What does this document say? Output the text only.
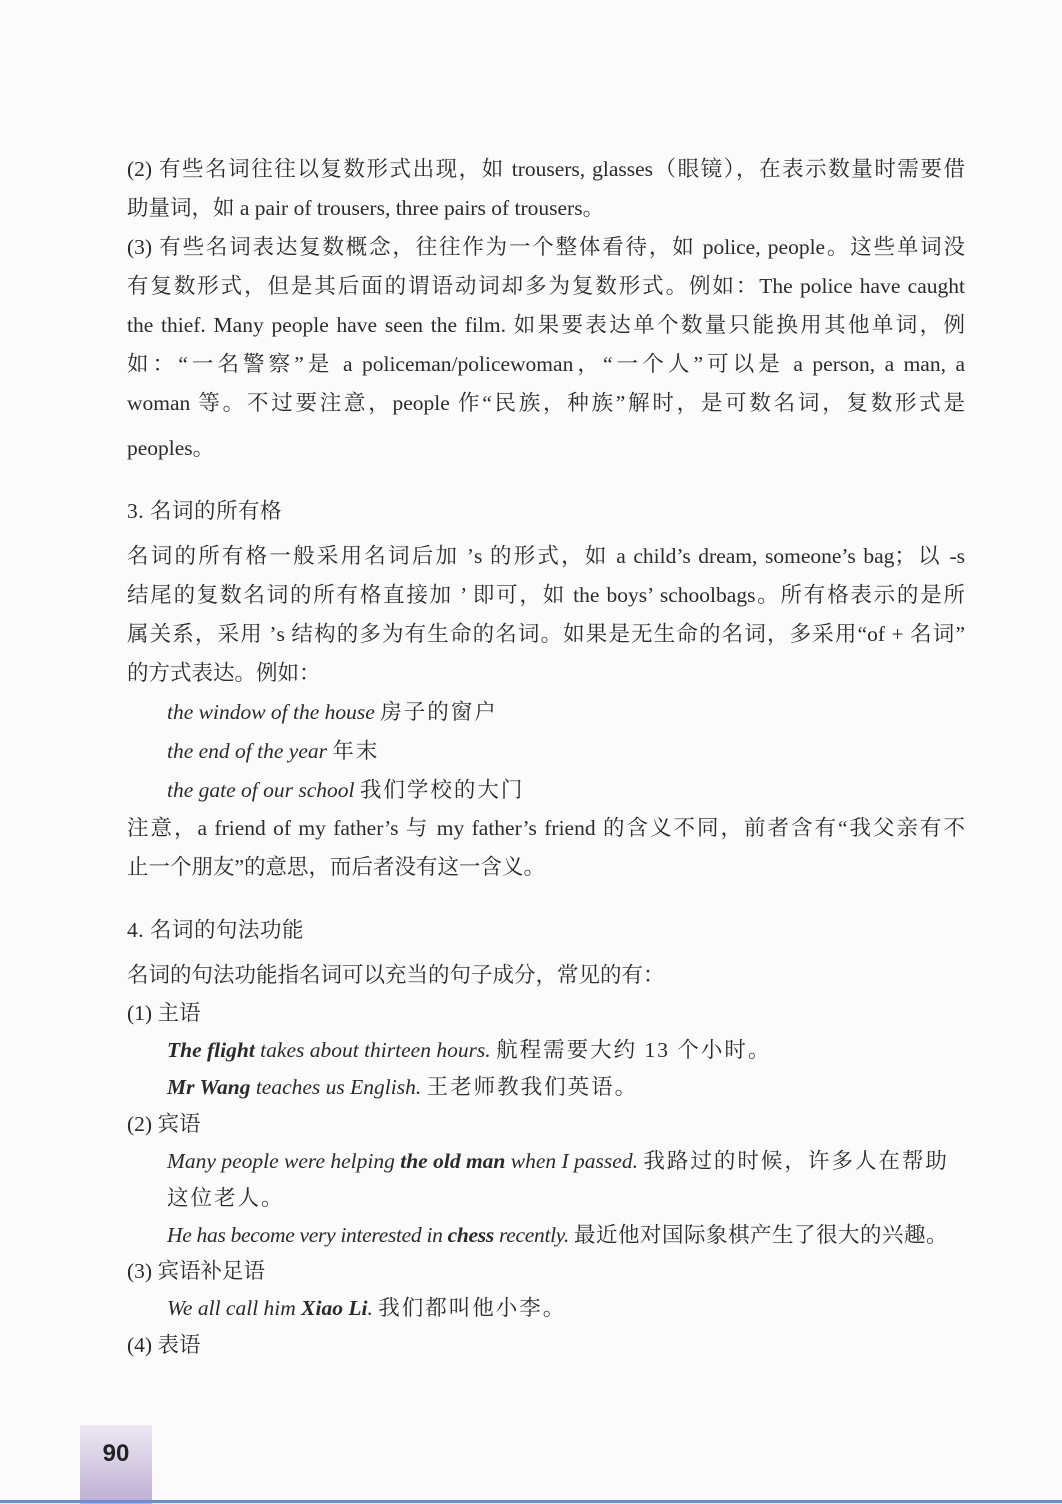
(2) 有些名词往往以复数形式出现，如 trousers, glasses（眼镜），在表示数量时需要借
助量词，如 a pair of trousers, three pairs of trousers。
(3) 有些名词表达复数概念，往往作为一个整体看待，如 police, people。这些单词没
有复数形式，但是其后面的谓语动词却多为复数形式。例如：The police have caught
the thief. Many people have seen the film. 如果要表达单个数量只能换用其他单词，例
如：“一名警察”是 a policeman/policewoman，“一个人”可以是 a person, a man, a
woman 等。不过要注意，people 作“民族，种族”解时，是可数名词，复数形式是
peoples。
3. 名词的所有格
名词的所有格一般采用名词后加 ’s 的形式，如 a child’s dream, someone’s bag；以 -s
结尾的复数名词的所有格直接加 ’ 即可，如 the boys’ schoolbags。所有格表示的是所
属关系，采用 ’s 结构的多为有生命的名词。如果是无生命的名词，多采用“of + 名词”
的方式表达。例如：
the window of the house 房子的窗户
the end of the year 年末
the gate of our school 我们学校的大门
注意，a friend of my father’s 与 my father’s friend 的含义不同，前者含有“我父亲有不
止一个朋友”的意思，而后者没有这一含义。
4. 名词的句法功能
名词的句法功能指名词可以充当的句子成分，常见的有：
(1) 主语
The flight takes about thirteen hours. 航程需要大约 13 个小时。
Mr Wang teaches us English. 王老师教我们英语。
(2) 宾语
Many people were helping the old man when I passed. 我路过的时候，许多人在帮助
这位老人。
He has become very interested in chess recently. 最近他对国际象棋产生了很大的兴趣。
(3) 宾语补足语
We all call him Xiao Li. 我们都叫他小李。
(4) 表语
90
